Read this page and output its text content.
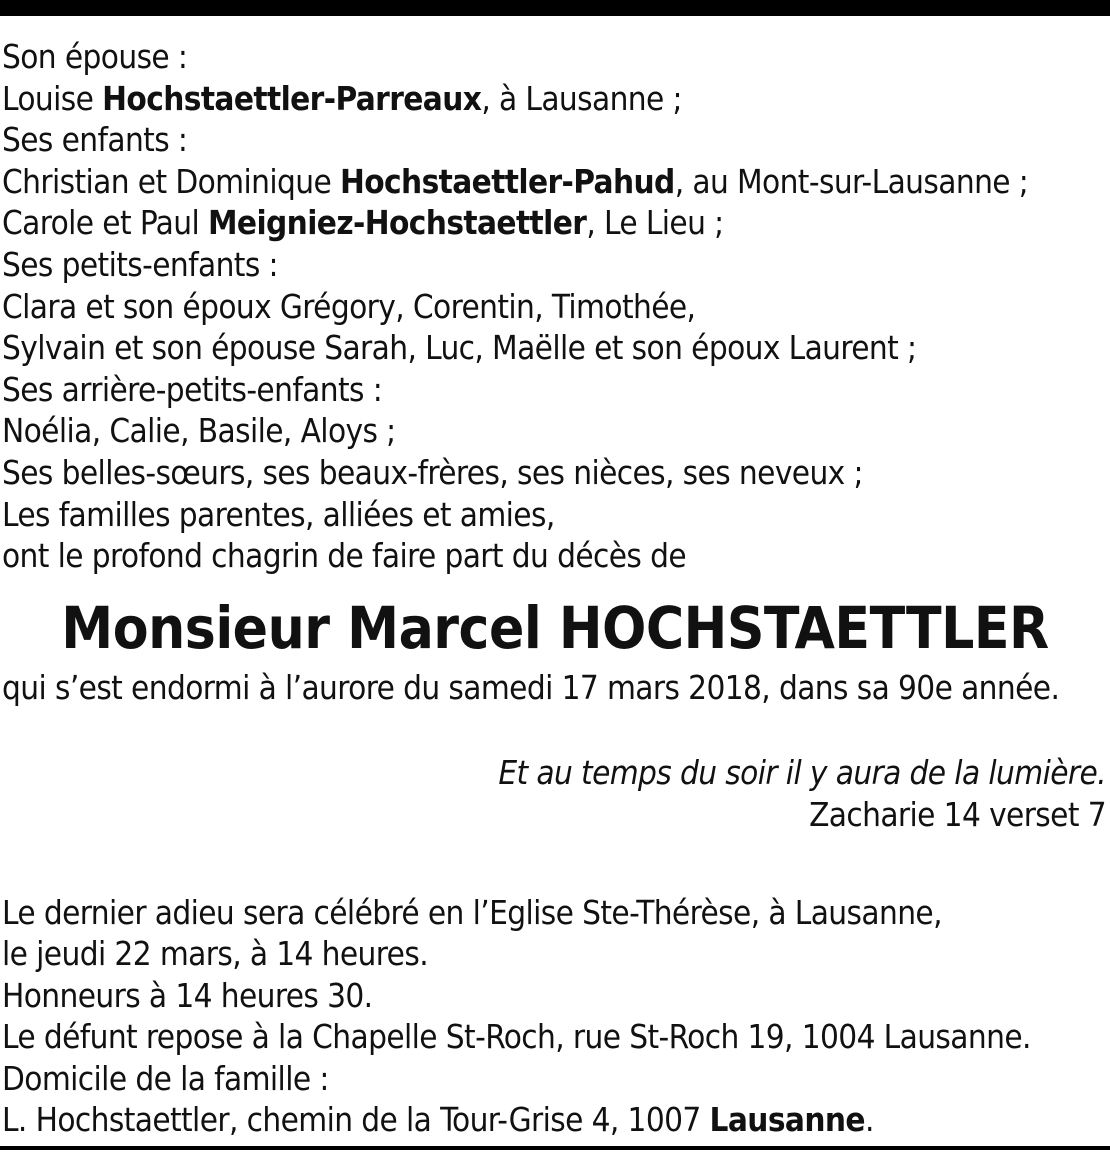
Son épouse :
Louise Hochstaettler-Parreaux, à Lausanne ;
Ses enfants :
Christian et Dominique Hochstaettler-Pahud, au Mont-sur-Lausanne ;
Carole et Paul Meigniez-Hochstaettler, Le Lieu ;
Ses petits-enfants :
Clara et son époux Grégory, Corentin, Timothée,
Sylvain et son épouse Sarah, Luc, Maëlle et son époux Laurent ;
Ses arrière-petits-enfants :
Noélia, Calie, Basile, Aloys ;
Ses belles-sœurs, ses beaux-frères, ses nièces, ses neveux ;
Les familles parentes, alliées et amies,
ont le profond chagrin de faire part du décès de
Monsieur Marcel HOCHSTAETTLER
qui s’est endormi à l’aurore du samedi 17 mars 2018, dans sa 90e année.
Et au temps du soir il y aura de la lumière.
Zacharie 14 verset 7
Le dernier adieu sera célébré en l’Eglise Ste-Thérèse, à Lausanne,
le jeudi 22 mars, à 14 heures.
Honneurs à 14 heures 30.
Le défunt repose à la Chapelle St-Roch, rue St-Roch 19, 1004 Lausanne.
Domicile de la famille :
L. Hochstaettler, chemin de la Tour-Grise 4, 1007 Lausanne.
